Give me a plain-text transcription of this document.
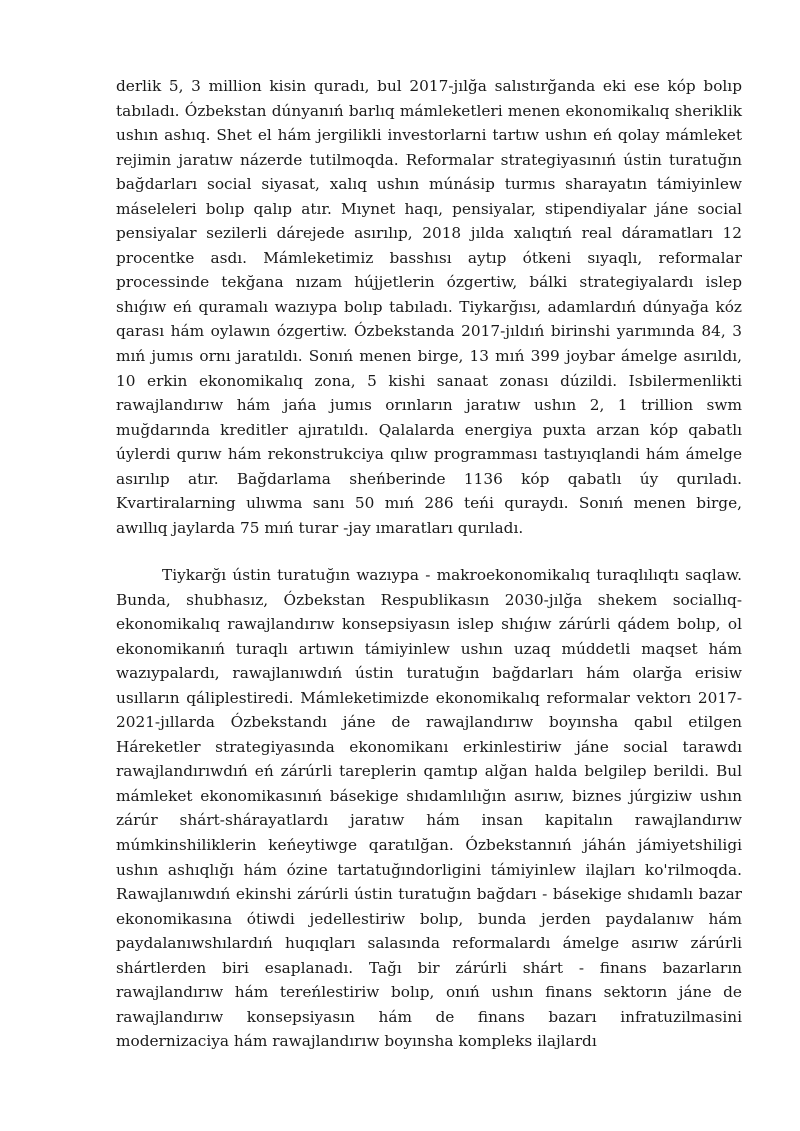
derlik 5, 3 million kisin quradı, bul 2017-jılğa salıstırğanda eki ese kóp bolıp tabıladı. Ózbekstan dúnyanıń barlıq mámleketleri menen ekonomikalıq sheriklik ushın ashıq. Shet el hám jergilikli investorlarni tartıw ushın eń qolay mámleket rejimin jaratıw názerde tutilmoqda. Reformalar strategiyasınıń ústin turatuğın bağdarları social siyasat, xalıq ushın múnásip turmıs sharayatın támiyinlew máseleleri bolıp qalıp atır. Mıynet haqı, pensiyalar, stipendiyalar jáne social pensiyalar sezilerli dárejede asırılıp, 2018 jılda xalıqtıń real dáramatları 12 procentke asdı. Mámleketimiz basshısı aytıp ótkeni sıyaqlı, reformalar processinde tekğana nızam hújjetlerin ózgertiw, bálki strategiyalardı islep shıǵıw eń quramalı wazıypa bolıp tabıladı. Tiykarğısı, adamlardıń dúnyağa kóz qarası hám oylawın ózgertiw. Ózbekstanda 2017-jıldıń birinshi yarımında 84, 3 mıń jumıs ornı jaratıldı. Sonıń menen birge, 13 mıń 399 joybar ámelge asırıldı, 10 erkin ekonomikalıq zona, 5 kishi sanaat zonası dúzildi. Isbilermenlikti rawajlandırıw hám jańa jumıs orınların jaratıw ushın 2, 1 trillion swm muğdarında kreditler ajıratıldı. Qalalarda energiya puxta arzan kóp qabatlı úylerdi qurıw hám rekonstrukciya qılıw programması tastıyıqlandi hám ámelge asırılıp atır. Bağdarlama sheńberinde 1136 kóp qabatlı úy qurıladı. Kvartiralarning ulıwma sanı 50 mıń 286 teńi quraydı. Sonıń menen birge, awıllıq jaylarda 75 mıń turar -jay ımaratları qurıladı.

Tiykarğı ústin turatuğın wazıypa - makroekonomikalıq turaqlılıqtı saqlaw. Bunda, shubhasız, Ózbekstan Respublikasın 2030-jılğa shekem sociallıq-ekonomikalıq rawajlandırıw konsepsiyasın islep shıǵıw zárúrli qádem bolıp, ol ekonomikanıń turaqlı artıwın támiyinlew ushın uzaq múddetli maqset hám wazıypalardı, rawajlanıwdıń ústin turatuğın bağdarları hám olarğa erisiw usılların qáliplestiredi. Mámleketimizde ekonomikalıq reformalar vektorı 2017-2021-jıllarda Ózbekstandı jáne de rawajlandırıw boyınsha qabıl etilgen Háreketler strategiyasında ekonomikanı erkinlestiriw jáne social tarawdı rawajlandırıwdıń eń zárúrli tareplerin qamtıp alğan halda belgilep berildi. Bul mámleket ekonomikasınıń básekige shıdamlılığın asırıw, biznes júrgiziw ushın zárúr shárt-shárayatlardı jaratıw hám insan kapitalın rawajlandırıw múmkinshiliklerin keńeytiwge qaratılğan. Ózbekstannıń jáhán jámiyetshiligi ushın ashıqlığı hám ózine tartatuğındorligini támiyinlew ilajları ko'rilmoqda. Rawajlanıwdıń ekinshi zárúrli ústin turatuğın bağdarı - básekige shıdamlı bazar ekonomikasına ótiwdi jedellestiriw bolıp, bunda jerden paydalanıw hám paydalanıwshılardıń huqıqları salasında reformalardı ámelge asırıw zárúrli shártlerden biri esaplanadı. Tağı bir zárúrli shárt - finans bazarların rawajlandırıw hám tereńlestiriw bolıp, onıń ushın finans sektorın jáne de rawajlandırıw konsepsiyasın hám de finans bazarı infratuzilmasini modernizaciya hám rawajlandırıw boyınsha kompleks ilajlardı
